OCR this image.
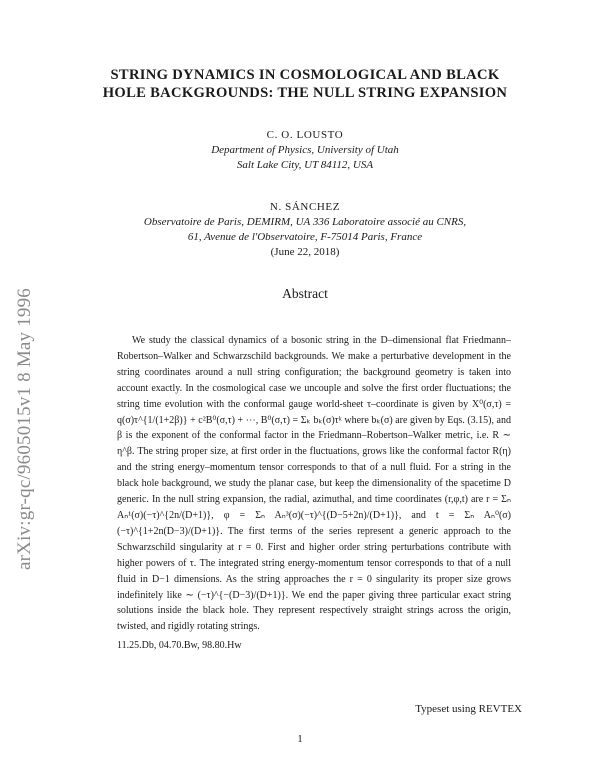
arXiv:gr-qc/9605015v1 8 May 1996
STRING DYNAMICS IN COSMOLOGICAL AND BLACK
HOLE BACKGROUNDS: THE NULL STRING EXPANSION
C. O. LOUSTO
Department of Physics, University of Utah
Salt Lake City, UT 84112, USA
N. SÁNCHEZ
Observatoire de Paris, DEMIRM, UA 336 Laboratoire associé au CNRS,
61, Avenue de l'Observatoire, F-75014 Paris, France
(June 22, 2018)
Abstract

We study the classical dynamics of a bosonic string in the D–dimensional flat Friedmann–Robertson–Walker and Schwarzschild backgrounds. We make a perturbative development in the string coordinates around a null string configuration; the background geometry is taken into account exactly. In the cosmological case we uncouple and solve the first order fluctuations; the string time evolution with the conformal gauge world-sheet τ–coordinate is given by X⁰(σ,τ) = q(σ)τ^{1/(1+2β)} + c²B⁰(σ,τ) + ⋯, B⁰(σ,τ) = Σₖ bₖ(σ)τᵏ where bₖ(σ) are given by Eqs. (3.15), and β is the exponent of the conformal factor in the Friedmann–Robertson–Walker metric, i.e. R ∼ η^β. The string proper size, at first order in the fluctuations, grows like the conformal factor R(η) and the string energy–momentum tensor corresponds to that of a null fluid. For a string in the black hole background, we study the planar case, but keep the dimensionality of the spacetime D generic. In the null string expansion, the radial, azimuthal, and time coordinates (r,φ,t) are r = Σₙ Aₙ¹(σ)(−τ)^{2n/(D+1)}, φ = Σₙ Aₙ³(σ)(−τ)^{(D−5+2n)/(D+1)}, and t = Σₙ Aₙ⁰(σ)(−τ)^{1+2n(D−3)/(D+1)}. The first terms of the series represent a generic approach to the Schwarzschild singularity at r = 0. First and higher order string perturbations contribute with higher powers of τ. The integrated string energy-momentum tensor corresponds to that of a null fluid in D−1 dimensions. As the string approaches the r = 0 singularity its proper size grows indefinitely like ∼ (−τ)^{−(D−3)/(D+1)}. We end the paper giving three particular exact string solutions inside the black hole. They represent respectively straight strings across the origin, twisted, and rigidly rotating strings.

11.25.Db, 04.70.Bw, 98.80.Hw
Typeset using REVTEX
1
